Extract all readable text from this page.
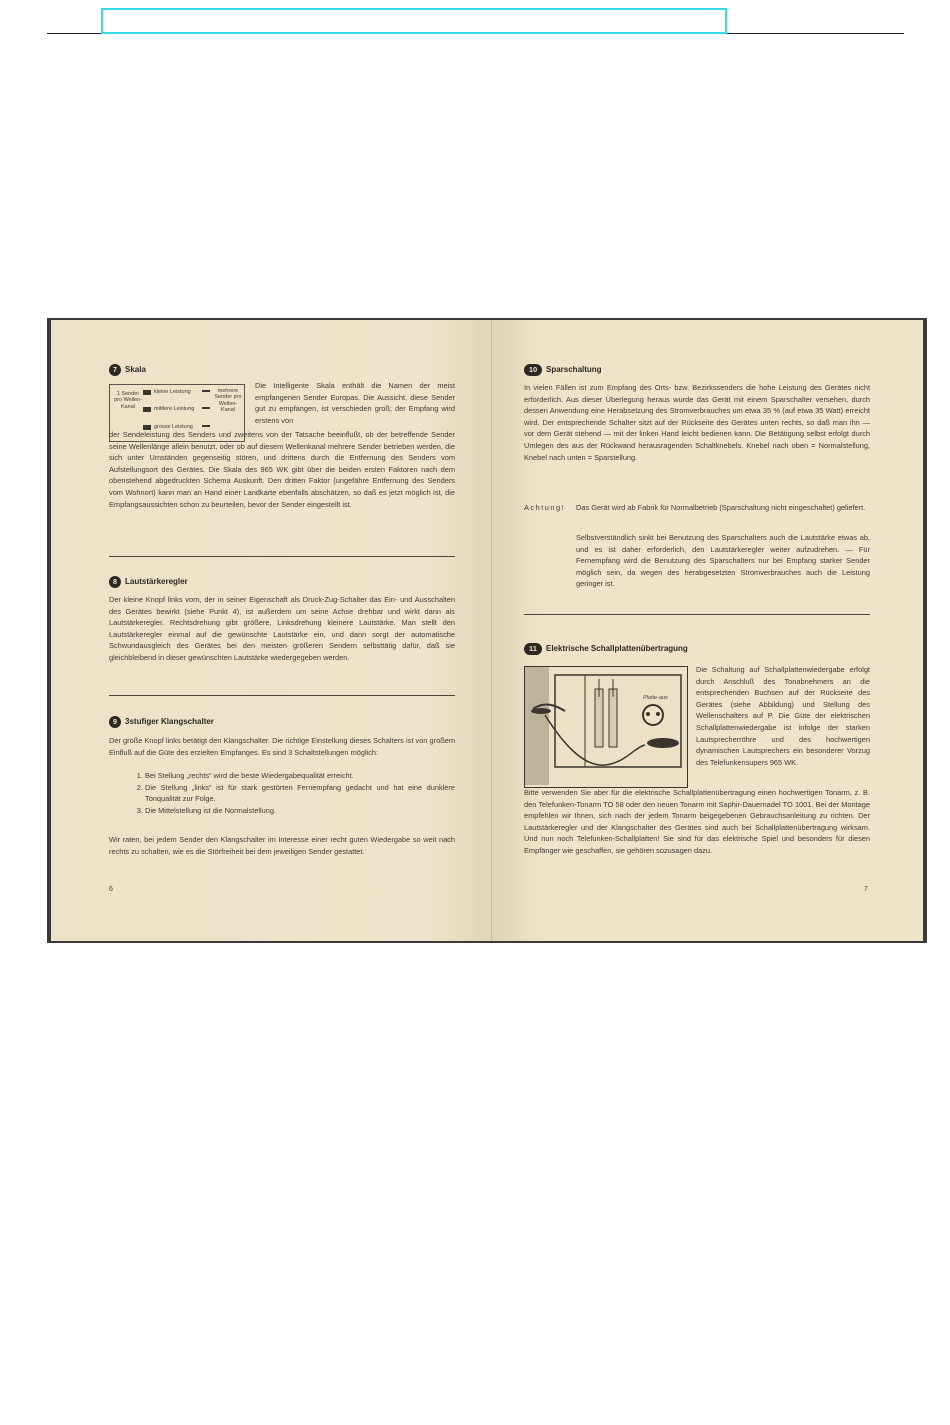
7 Skala
1 Sender pro Wellen-Kanal
kleine Leistung
mittlere Leistung
grosse Leistung
mehrere Sender pro Wellen-Kanal
Die Intelligente Skala enthält die Namen der meist empfangenen Sender Europas. Die Aussicht, diese Sender gut zu empfangen, ist verschieden groß; der Empfang wird erstens von
der Sendeleistung des Senders und zweitens von der Tatsache beeinflußt, ob der betreffende Sender seine Wellenlänge allein benutzt, oder ob auf diesem Wellenkanal mehrere Sender betrieben werden, die sich unter Umständen gegenseitig stören, und drittens durch die Entfernung des Senders vom Aufstellungsort des Gerätes. Die Skala des 965 WK gibt über die beiden ersten Faktoren nach dem obenstehend abgedruckten Schema Auskunft. Den dritten Faktor (ungefähre Entfernung des Senders vom Wohnort) kann man an Hand einer Landkarte ebenfalls abschätzen, so daß es jetzt möglich ist, die Empfangsaussichten schon zu beurteilen, bevor der Sender eingestellt ist.
8 Lautstärkeregler
Der kleine Knopf links vorn, der in seiner Eigenschaft als Druck-Zug-Schalter das Ein- und Ausschalten des Gerätes bewirkt (siehe Punkt 4), ist außerdem um seine Achse drehbar und wirkt dann als Lautstärkeregler. Rechtsdrehung gibt größere, Linksdrehung kleinere Lautstärke. Man stellt den Lautstärkeregler einmal auf die gewünschte Lautstärke ein, und dann sorgt der automatische Schwundausgleich des Gerätes bei den meisten größeren Sendern selbsttätig dafür, daß sie gleichbleibend in dieser gewünschten Lautstärke wiedergegeben werden.
9 3stufiger Klangschalter
Der große Knopf links betätigt den Klangschalter. Die richtige Einstellung dieses Schalters ist von großem Einfluß auf die Güte des erzielten Empfanges. Es sind 3 Schaltstellungen möglich:
1. Bei Stellung „rechts“ wird die beste Wiedergabequalität erreicht.
2. Die Stellung „links“ ist für stark gestörten Fernempfang gedacht und hat eine dunklere Tonqualität zur Folge.
3. Die Mittelstellung ist die Normalstellung.
Wir raten, bei jedem Sender den Klangschalter im Interesse einer recht guten Wiedergabe so weit nach rechts zu schalten, wie es die Störfreiheit bei dem jeweiligen Sender gestattet.
6
10 Sparschaltung
In vielen Fällen ist zum Empfang des Orts- bzw. Bezirkssenders die hohe Leistung des Gerätes nicht erforderlich. Aus dieser Überlegung heraus wurde das Gerät mit einem Sparschalter versehen, durch dessen Anwendung eine Herabsetzung des Stromverbrauches um etwa 35 % (auf etwa 35 Watt) erreicht wird. Der entsprechende Schalter sitzt auf der Rückseite des Gerätes unten rechts, so daß man ihn — vor dem Gerät stehend — mit der linken Hand leicht bedienen kann. Die Betätigung selbst erfolgt durch Umlegen des aus der Rückwand herausragenden Schaltknebels. Knebel nach oben = Normalstellung, Knebel nach unten = Sparstellung.
Achtung!	Das Gerät wird ab Fabrik für Normalbetrieb (Sparschaltung nicht eingeschaltet) geliefert.
Selbstverständlich sinkt bei Benutzung des Sparschalters auch die Lautstärke etwas ab, und es ist daher erforderlich, den Lautstärkeregler weiter aufzudrehen. — Für Fernempfang wird die Benutzung des Sparschalters nur bei Empfang starker Sender möglich sein, da wegen des herabgesetzten Stromverbrauches auch die Leistung geringer ist.
11 Elektrische Schallplattenübertragung
Platte-aus
Die Schaltung auf Schallplattenwiedergabe erfolgt durch Anschluß des Tonabnehmers an die entsprechenden Buchsen auf der Rückseite des Gerätes (siehe Abbildung) und Stellung des Wellenschalters auf P. Die Güte der elektrischen Schallplattenwiedergabe ist infolge der starken Lautsprecherröhre und des hochwertigen dynamischen Lautsprechers ein besonderer Vorzug des Telefunkensupers 965 WK.
Bitte verwenden Sie aber für die elektrische Schallplattenübertragung einen hochwertigen Tonarm, z. B. den Telefunken-Tonarm TO 58 oder den neuen Tonarm mit Saphir-Dauernadel TO 1001. Bei der Montage empfehlen wir Ihnen, sich nach der jedem Tonarm beigegebenen Gebrauchsanleitung zu richten. Der Lautstärkeregler und der Klangschalter des Gerätes sind auch bei Schallplattenübertragung wirksam. Und nun noch Telefunken-Schallplatten! Sie sind für das elektrische Spiel und besonders für diesen Empfänger wie geschaffen, sie gehören sozusagen dazu.
7
